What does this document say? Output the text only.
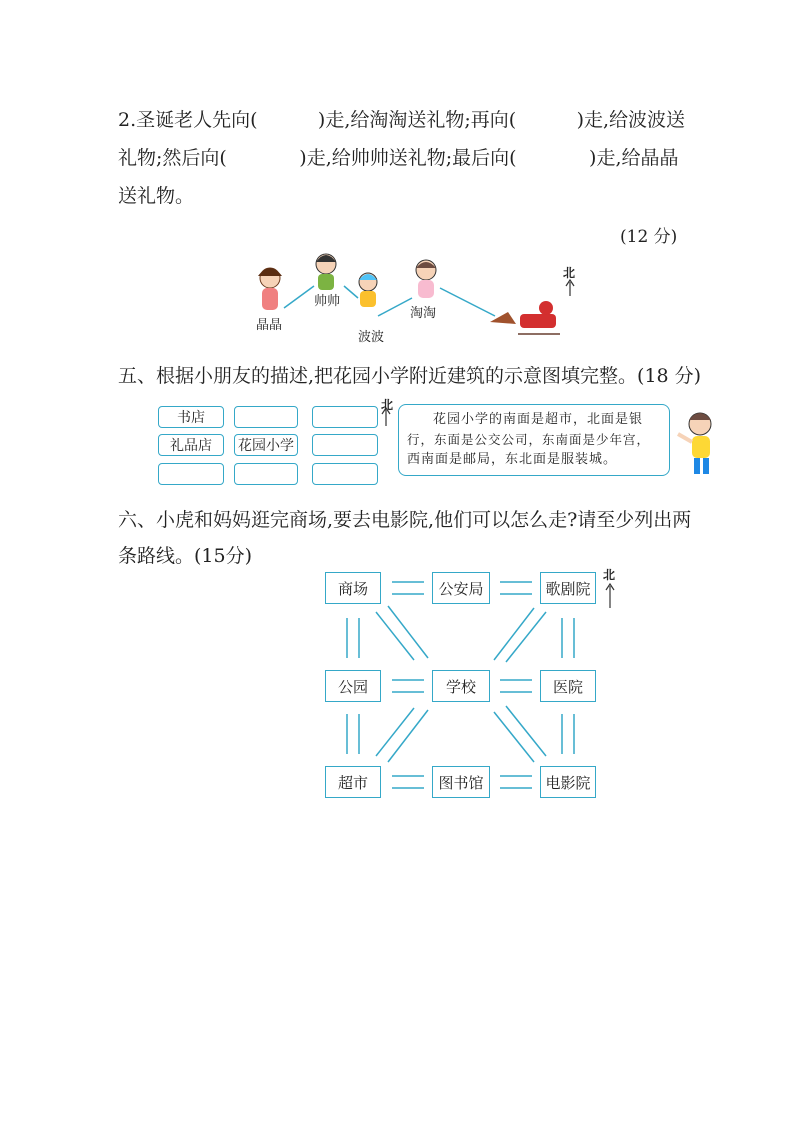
2.圣诞老人先向(          )走,给淘淘送礼物;再向(          )走,给波波送
礼物;然后向(            )走,给帅帅送礼物;最后向(            )走,给晶晶
送礼物。
(12 分)
北
晶晶
帅帅
波波
淘淘
五、根据小朋友的描述,把花园小学附近建筑的示意图填完整。(18 分)
书店
礼品店	花园小学
北
花园小学的南面是超市，北面是银
行，东面是公交公司，东南面是少年宫，
西南面是邮局，东北面是服装城。
六、小虎和妈妈逛完商场,要去电影院,他们可以怎么走?请至少列出两
条路线。(15分)
北
商场	公安局	歌剧院
公园	学校	医院
超市	图书馆	电影院
